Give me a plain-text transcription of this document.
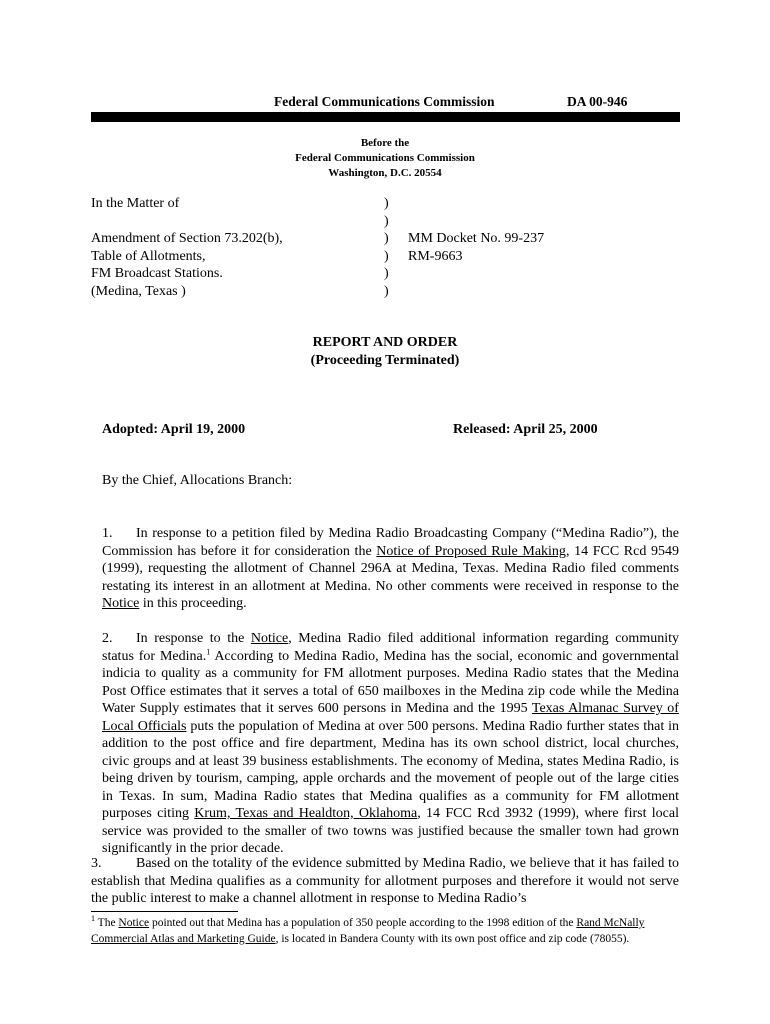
Federal Communications Commission	DA 00-946
Before the
Federal Communications Commission
Washington, D.C. 20554
In the Matter of
Amendment of Section 73.202(b),
Table of Allotments,
FM Broadcast Stations.
(Medina, Texas )
)
)
)
)
)
)
MM Docket No. 99-237
RM-9663
REPORT AND ORDER
(Proceeding Terminated)
Adopted: April 19, 2000	Released: April 25, 2000
By the Chief, Allocations Branch:

1. In response to a petition filed by Medina Radio Broadcasting Company (“Medina Radio”), the Commission has before it for consideration the Notice of Proposed Rule Making, 14 FCC Rcd 9549 (1999), requesting the allotment of Channel 296A at Medina, Texas. Medina Radio filed comments restating its interest in an allotment at Medina. No other comments were received in response to the Notice in this proceeding.

2. In response to the Notice, Medina Radio filed additional information regarding community status for Medina.$^1$ According to Medina Radio, Medina has the social, economic and governmental indicia to quality as a community for FM allotment purposes. Medina Radio states that the Medina Post Office estimates that it serves a total of 650 mailboxes in the Medina zip code while the Medina Water Supply estimates that it serves 600 persons in Medina and the 1995 Texas Almanac Survey of Local Officials puts the population of Medina at over 500 persons. Medina Radio further states that in addition to the post office and fire department, Medina has its own school district, local churches, civic groups and at least 39 business establishments. The economy of Medina, states Medina Radio, is being driven by tourism, camping, apple orchards and the movement of people out of the large cities in Texas. In sum, Madina Radio states that Medina qualifies as a community for FM allotment purposes citing Krum, Texas and Healdton, Oklahoma, 14 FCC Rcd 3932 (1999), where first local service was provided to the smaller of two towns was justified because the smaller town had grown significantly in the prior decade.

3. Based on the totality of the evidence submitted by Medina Radio, we believe that it has failed to establish that Medina qualifies as a community for allotment purposes and therefore it would not serve the public interest to make a channel allotment in response to Medina Radio’s

$^1$ The Notice pointed out that Medina has a population of 350 people according to the 1998 edition of the Rand McNally Commercial Atlas and Marketing Guide, is located in Bandera County with its own post office and zip code (78055).
